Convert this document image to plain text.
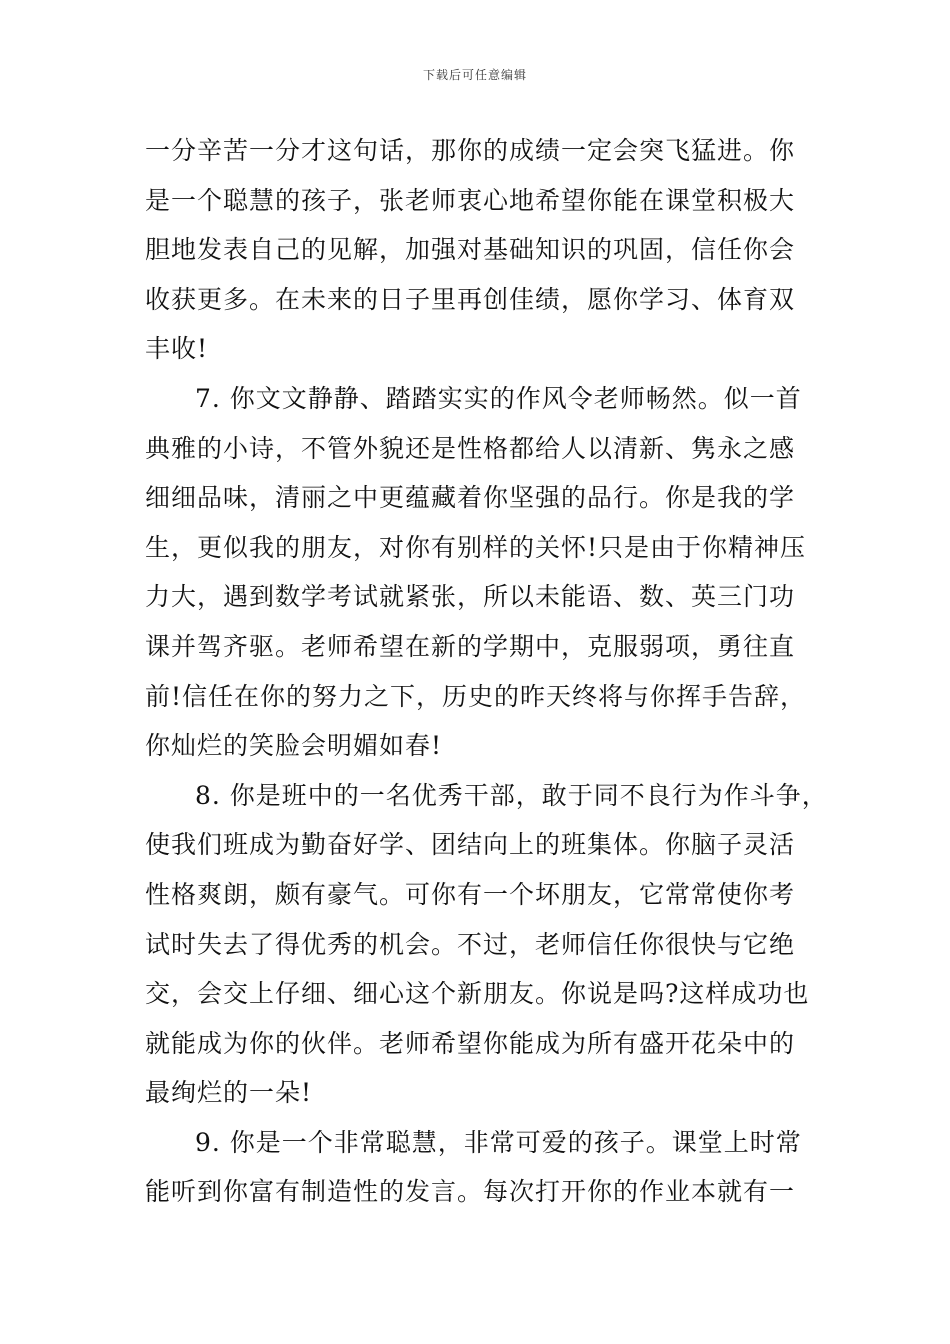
下载后可任意编辑
一分辛苦一分才这句话，那你的成绩一定会突飞猛进。你
是一个聪慧的孩子，张老师衷心地希望你能在课堂积极大
胆地发表自己的见解，加强对基础知识的巩固，信任你会
收获更多。在未来的日子里再创佳绩，愿你学习、体育双
丰收!
7. 你文文静静、踏踏实实的作风令老师畅然。似一首
典雅的小诗，不管外貌还是性格都给人以清新、隽永之感
细细品味，清丽之中更蕴藏着你坚强的品行。你是我的学
生，更似我的朋友，对你有别样的关怀!只是由于你精神压
力大，遇到数学考试就紧张，所以未能语、数、英三门功
课并驾齐驱。老师希望在新的学期中，克服弱项，勇往直
前!信任在你的努力之下，历史的昨天终将与你挥手告辞，
你灿烂的笑脸会明媚如春!
8. 你是班中的一名优秀干部，敢于同不良行为作斗争，
使我们班成为勤奋好学、团结向上的班集体。你脑子灵活
性格爽朗，颇有豪气。可你有一个坏朋友，它常常使你考
试时失去了得优秀的机会。不过，老师信任你很快与它绝
交，会交上仔细、细心这个新朋友。你说是吗?这样成功也
就能成为你的伙伴。老师希望你能成为所有盛开花朵中的
最绚烂的一朵!
9. 你是一个非常聪慧，非常可爱的孩子。课堂上时常
能听到你富有制造性的发言。每次打开你的作业本就有一
